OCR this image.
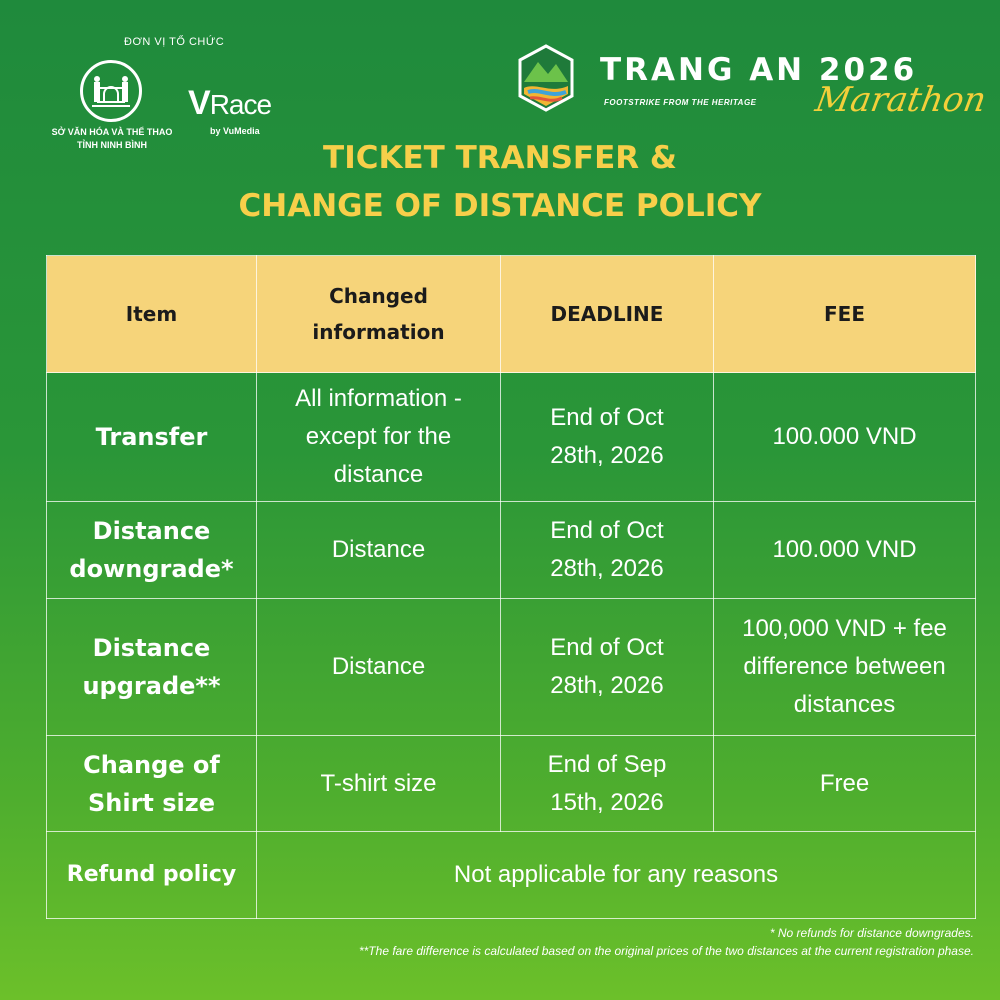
ĐƠN VỊ TỔ CHỨC
SỞ VĂN HÓA VÀ THỂ THAO
TỈNH NINH BÌNH
VRace
by VuMedia
TRANG AN 2026
FOOTSTRIKE FROM THE HERITAGE Marathon
TICKET TRANSFER &
CHANGE OF DISTANCE POLICY
Item	Changed information	DEADLINE	FEE
Transfer	All information - except for the distance	End of Oct 28th, 2026	100.000 VND
Distance downgrade*	Distance	End of Oct 28th, 2026	100.000 VND
Distance upgrade**	Distance	End of Oct 28th, 2026	100,000 VND + fee difference between distances
Change of Shirt size	T-shirt size	End of Sep 15th, 2026	Free
Refund policy	Not applicable for any reasons		
* No refunds for distance downgrades.
**The fare difference is calculated based on the original prices of the two distances at the current registration phase.
